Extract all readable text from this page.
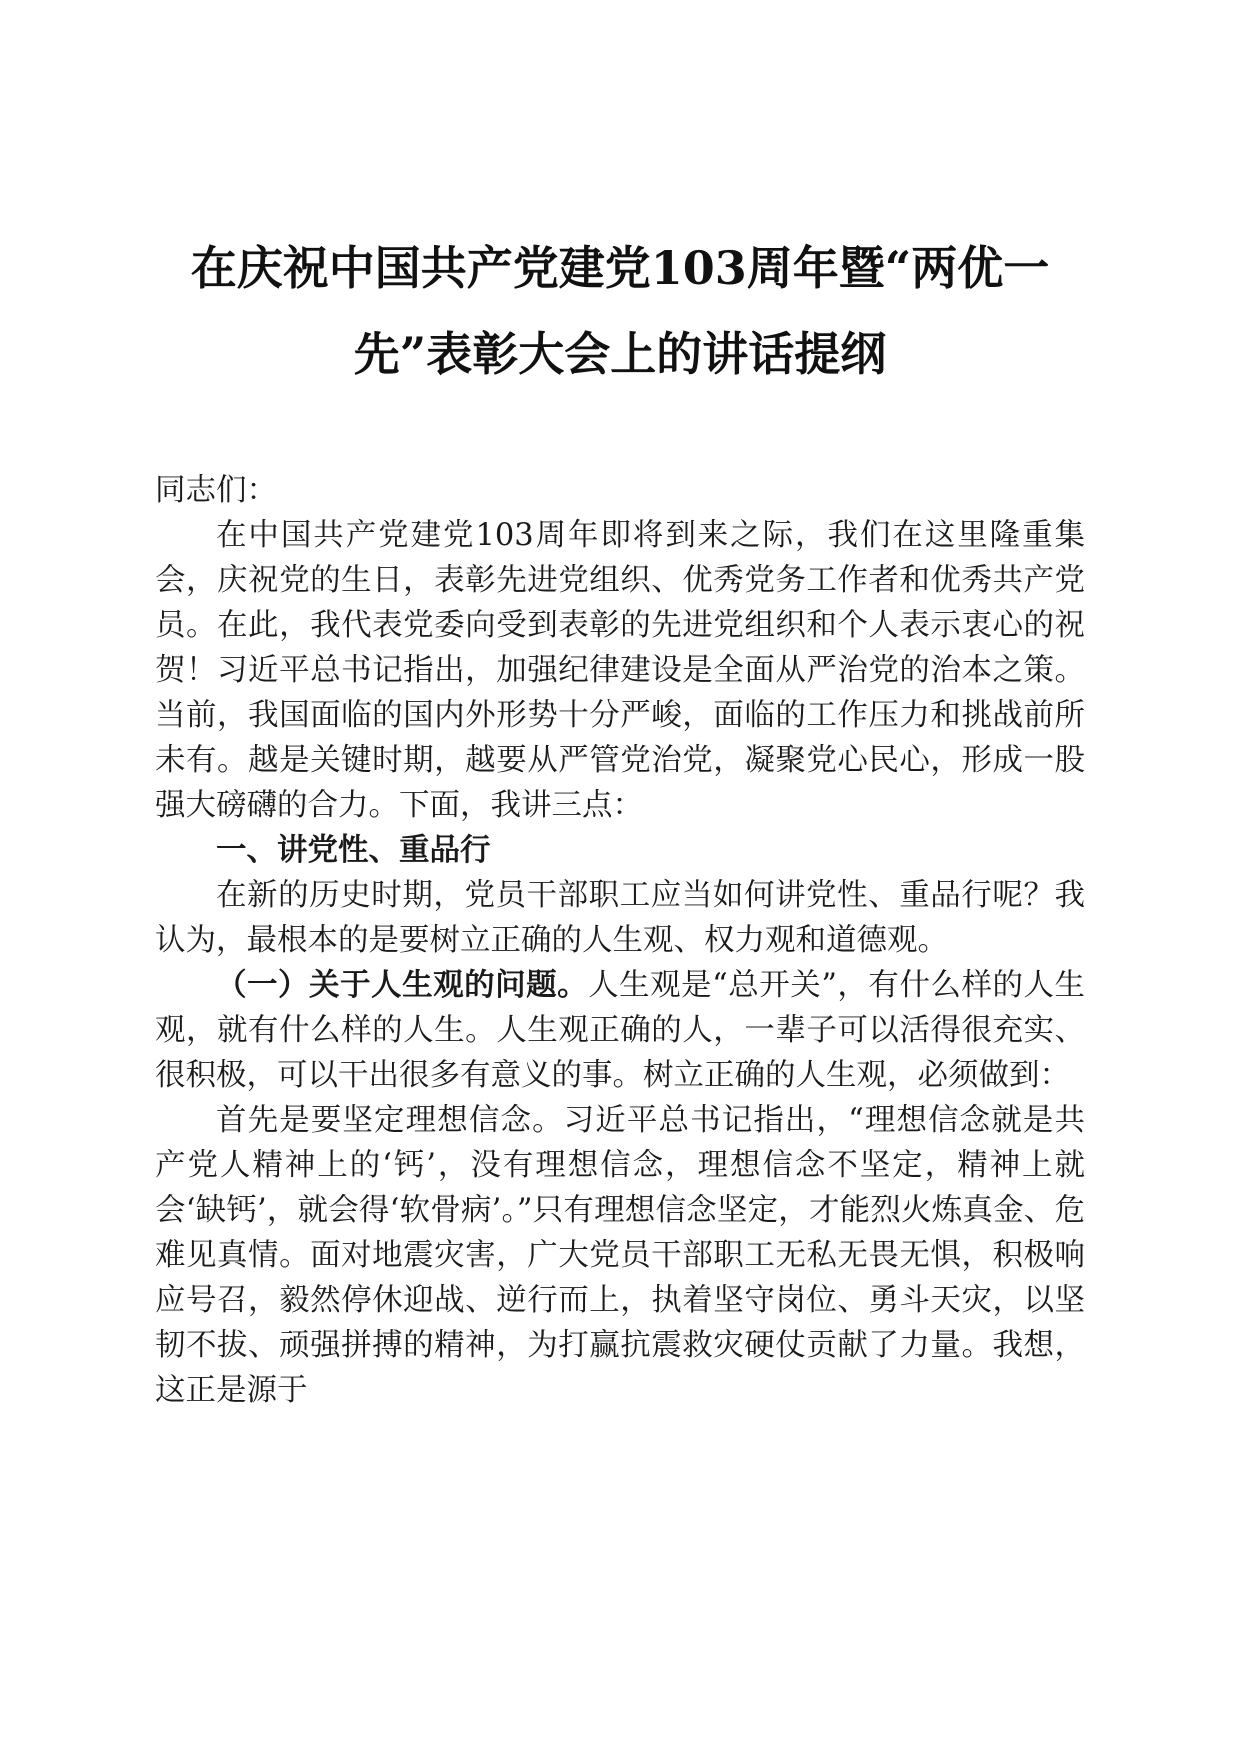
在庆祝中国共产党建党103周年暨“两优一
先”表彰大会上的讲话提纲

同志们：

在中国共产党建党103周年即将到来之际，我们在这里隆重集会，庆祝党的生日，表彰先进党组织、优秀党务工作者和优秀共产党员。在此，我代表党委向受到表彰的先进党组织和个人表示衷心的祝贺！习近平总书记指出，加强纪律建设是全面从严治党的治本之策。当前，我国面临的国内外形势十分严峻，面临的工作压力和挑战前所未有。越是关键时期，越要从严管党治党，凝聚党心民心，形成一股强大磅礴的合力。下面，我讲三点：

一、讲党性、重品行

在新的历史时期，党员干部职工应当如何讲党性、重品行呢？我认为，最根本的是要树立正确的人生观、权力观和道德观。

（一）关于人生观的问题。人生观是“总开关”，有什么样的人生观，就有什么样的人生。人生观正确的人，一辈子可以活得很充实、很积极，可以干出很多有意义的事。树立正确的人生观，必须做到：

首先是要坚定理想信念。习近平总书记指出，“理想信念就是共产党人精神上的‘钙’，没有理想信念，理想信念不坚定，精神上就会‘缺钙’，就会得‘软骨病’。”只有理想信念坚定，才能烈火炼真金、危难见真情。面对地震灾害，广大党员干部职工无私无畏无惧，积极响应号召，毅然停休迎战、逆行而上，执着坚守岗位、勇斗天灾，以坚韧不拔、顽强拼搏的精神，为打赢抗震救灾硬仗贡献了力量。我想，这正是源于
